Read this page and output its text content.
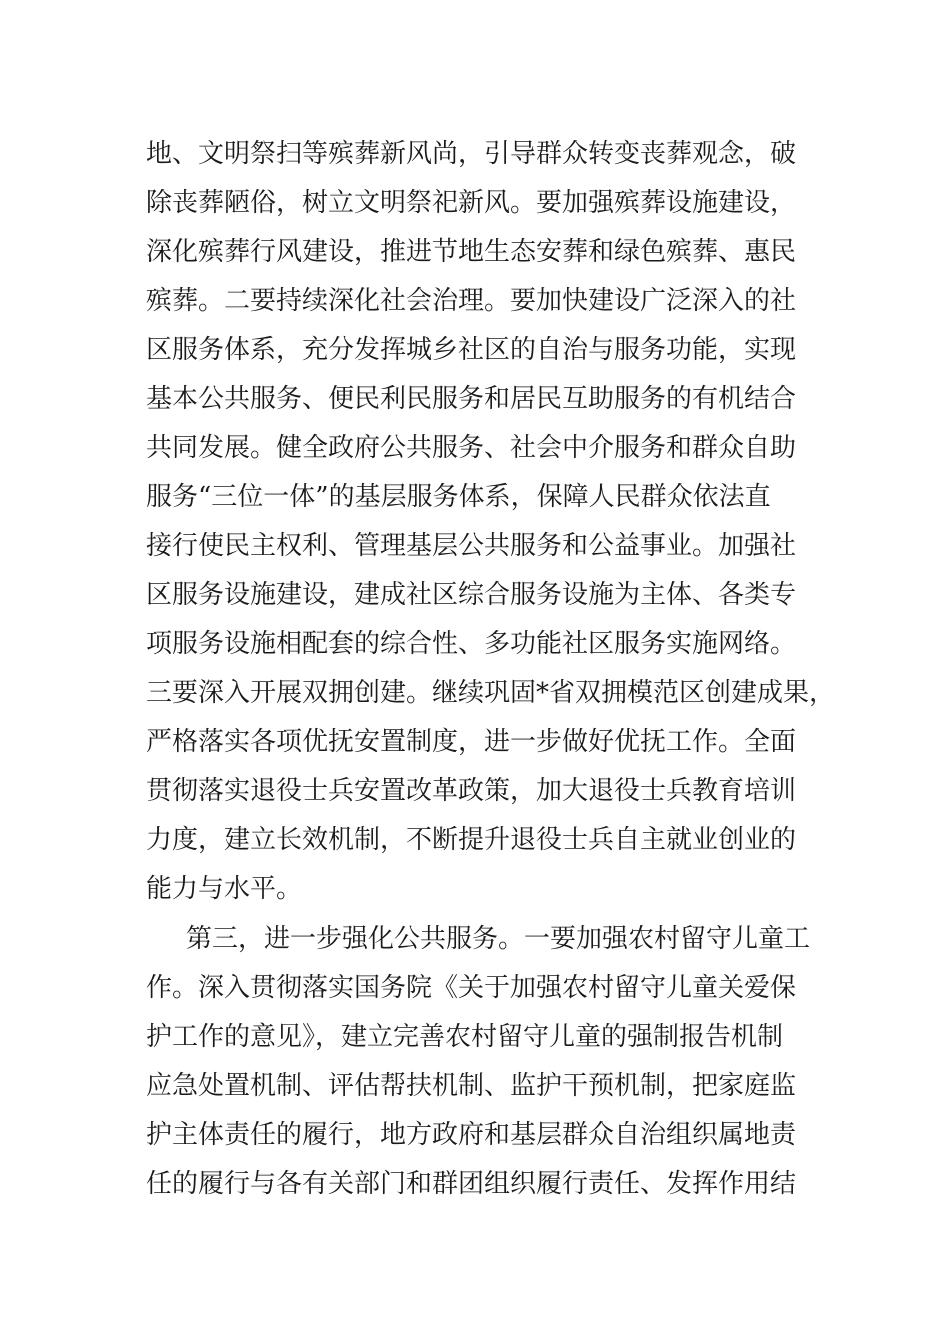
地、文明祭扫等殡葬新风尚，引导群众转变丧葬观念，破
除丧葬陋俗，树立文明祭祀新风。要加强殡葬设施建设，
深化殡葬行风建设，推进节地生态安葬和绿色殡葬、惠民
殡葬。二要持续深化社会治理。要加快建设广泛深入的社
区服务体系，充分发挥城乡社区的自治与服务功能，实现
基本公共服务、便民利民服务和居民互助服务的有机结合
共同发展。健全政府公共服务、社会中介服务和群众自助
服务“三位一体”的基层服务体系，保障人民群众依法直
接行使民主权利、管理基层公共服务和公益事业。加强社
区服务设施建设，建成社区综合服务设施为主体、各类专
项服务设施相配套的综合性、多功能社区服务实施网络。
三要深入开展双拥创建。继续巩固*省双拥模范区创建成果，
严格落实各项优抚安置制度，进一步做好优抚工作。全面
贯彻落实退役士兵安置改革政策，加大退役士兵教育培训
力度，建立长效机制，不断提升退役士兵自主就业创业的
能力与水平。
第三，进一步强化公共服务。一要加强农村留守儿童工
作。深入贯彻落实国务院《关于加强农村留守儿童关爱保
护工作的意见》，建立完善农村留守儿童的强制报告机制
应急处置机制、评估帮扶机制、监护干预机制，把家庭监
护主体责任的履行，地方政府和基层群众自治组织属地责
任的履行与各有关部门和群团组织履行责任、发挥作用结
